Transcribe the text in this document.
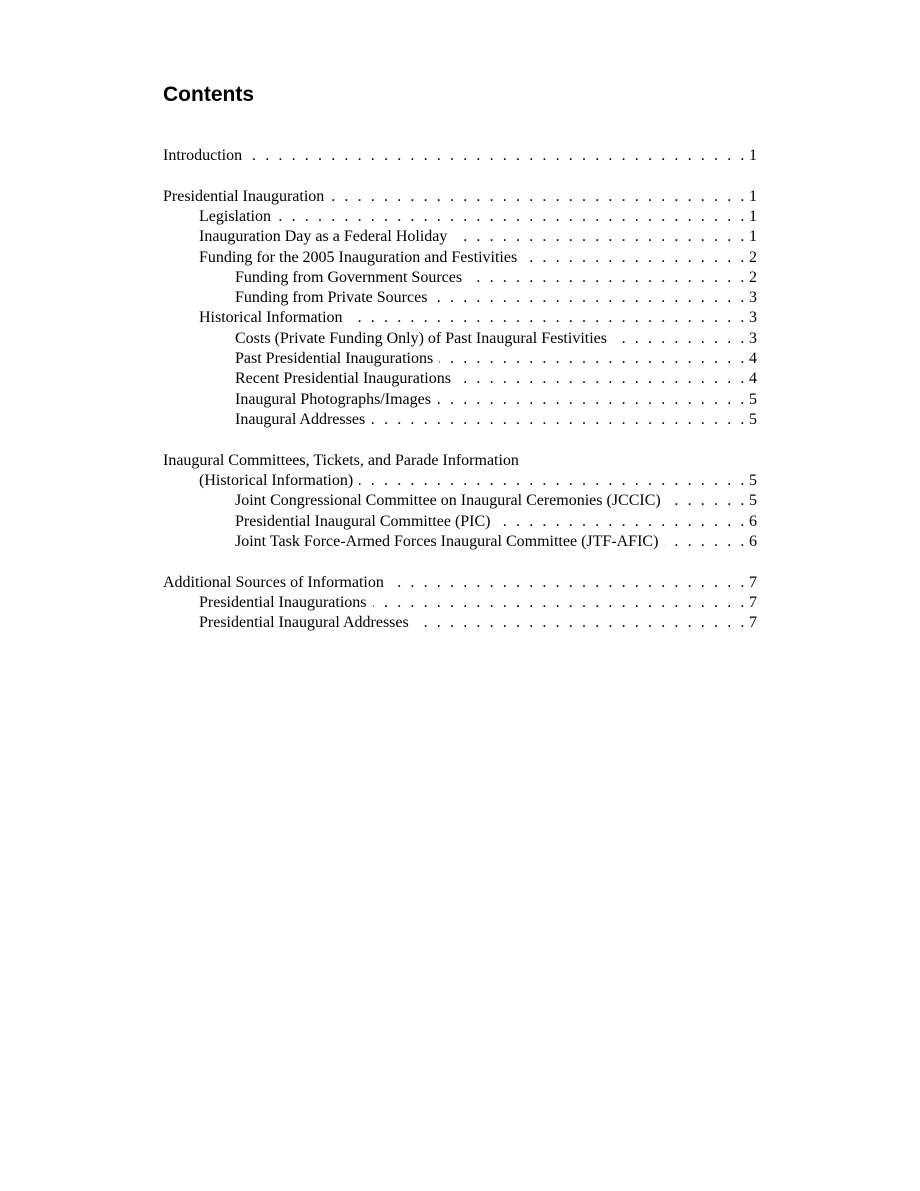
Contents
Introduction . . .	1
Presidential Inauguration . . .	1
Legislation . . .	1
Inauguration Day as a Federal Holiday . . .	1
Funding for the 2005 Inauguration and Festivities . . .	2
Funding from Government Sources . . .	2
Funding from Private Sources . . .	3
Historical Information . . .	3
Costs (Private Funding Only) of Past Inaugural Festivities . . .	3
Past Presidential Inaugurations . . .	4
Recent Presidential Inaugurations . . .	4
Inaugural Photographs/Images . . .	5
Inaugural Addresses . . .	5
Inaugural Committees, Tickets, and Parade Information
(Historical Information) . . .	5
Joint Congressional Committee on Inaugural Ceremonies (JCCIC) . . .	5
Presidential Inaugural Committee (PIC) . . .	6
Joint Task Force-Armed Forces Inaugural Committee (JTF-AFIC) . . .	6
Additional Sources of Information . . .	7
Presidential Inaugurations . . .	7
Presidential Inaugural Addresses . . .	7
